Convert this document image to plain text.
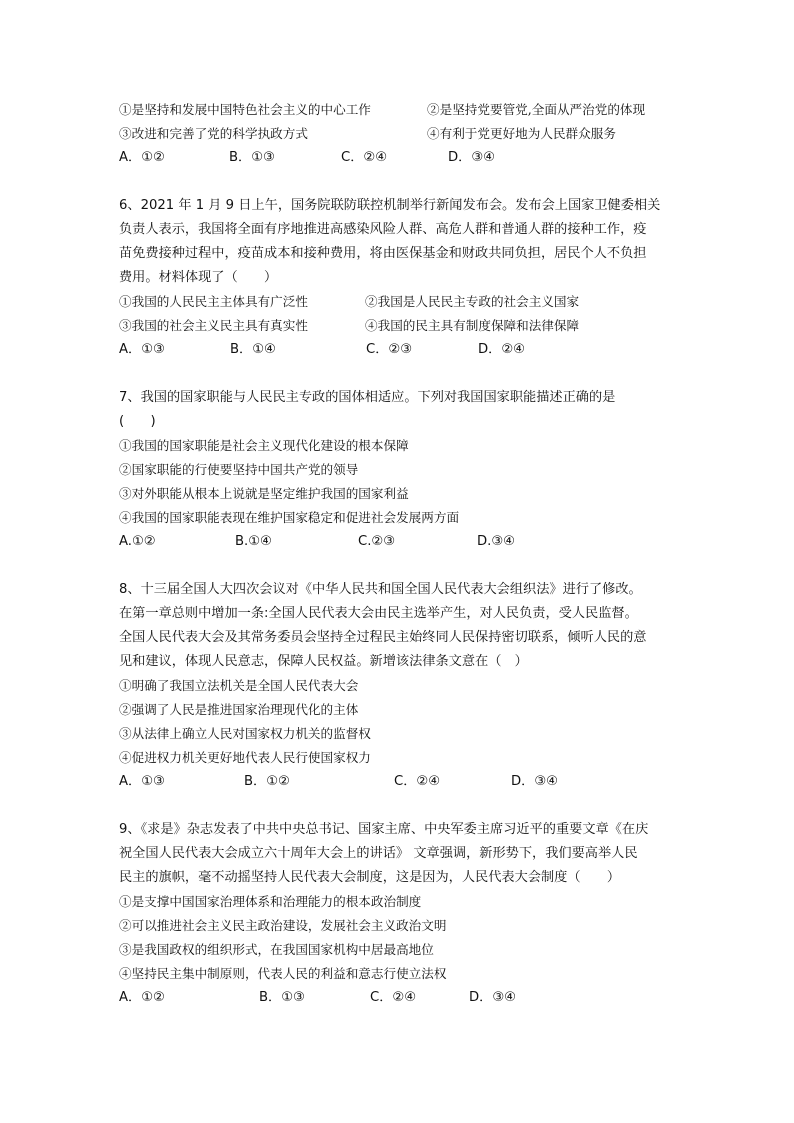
①是坚持和发展中国特色社会主义的中心工作	②是坚持党要管党,全面从严治党的体现
③改进和完善了党的科学执政方式	④有利于党更好地为人民群众服务
A．①②	B．①③	C．②④	D．③④
6、2021 年 1 月 9 日上午，国务院联防联控机制举行新闻发布会。发布会上国家卫健委相关
负责人表示，我国将全面有序地推进高感染风险人群、高危人群和普通人群的接种工作，疫
苗免费接种过程中，疫苗成本和接种费用，将由医保基金和财政共同负担，居民个人不负担
费用。材料体现了（　　）
①我国的人民民主主体具有广泛性	②我国是人民民主专政的社会主义国家
③我国的社会主义民主具有真实性	④我国的民主具有制度保障和法律保障
A．①③	B．①④	C．②③	D．②④
7、我国的国家职能与人民民主专政的国体相适应。下列对我国国家职能描述正确的是
(　　)
①我国的国家职能是社会主义现代化建设的根本保障
②国家职能的行使要坚持中国共产党的领导
③对外职能从根本上说就是坚定维护我国的国家利益
④我国的国家职能表现在维护国家稳定和促进社会发展两方面
A.①②	B.①④	C.②③	D.③④
8、十三届全国人大四次会议对《中华人民共和国全国人民代表大会组织法》进行了修改。
在第一章总则中增加一条:全国人民代表大会由民主选举产生，对人民负责，受人民监督。
全国人民代表大会及其常务委员会坚持全过程民主始终同人民保持密切联系，倾听人民的意
见和建议，体现人民意志，保障人民权益。新增该法律条文意在（　）
①明确了我国立法机关是全国人民代表大会
②强调了人民是推进国家治理现代化的主体
③从法律上确立人民对国家权力机关的监督权
④促进权力机关更好地代表人民行使国家权力
A．①③	B．①②	C．②④	D．③④
9、《求是》杂志发表了中共中央总书记、国家主席、中央军委主席习近平的重要文章《在庆
祝全国人民代表大会成立六十周年大会上的讲话》 文章强调，新形势下，我们要高举人民
民主的旗帜，毫不动摇坚持人民代表大会制度，这是因为，人民代表大会制度（　　）
①是支撑中国国家治理体系和治理能力的根本政治制度
②可以推进社会主义民主政治建设，发展社会主义政治文明
③是我国政权的组织形式，在我国国家机构中居最高地位
④坚持民主集中制原则，代表人民的利益和意志行使立法权
A．①②	B．①③	C．②④	D．③④
